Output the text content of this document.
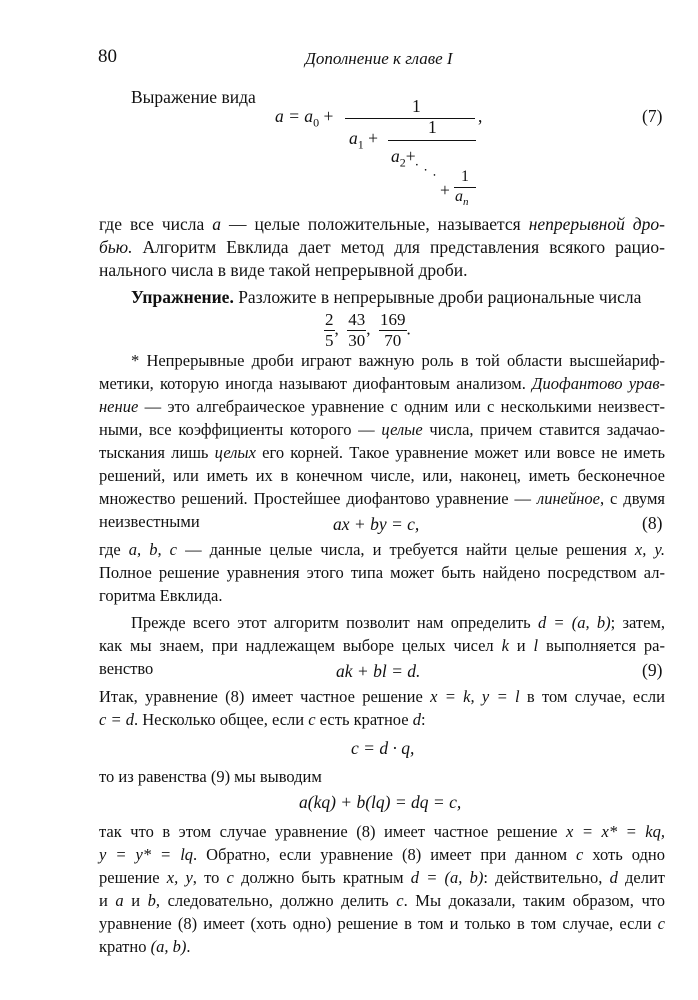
80	Дополнение к главе I
Выражение вида
$a = a_0$ +	1	,
$a_1$ +
1
$a_2+$
· · ·
+
1
$a_n$
(7)
где все числа a — целые положительные, называется непрерывной дро-
бью. Алгоритм Евклида дает метод для представления всякого рацио-
нального числа в виде такой непрерывной дроби.
Упражнение. Разложите в непрерывные дроби рациональные числа
$\frac{2}{5}$ , $\frac{43}{30}$ , $\frac{169}{70}$ .
* Непрерывные дроби играют важную роль в той области высшейариф-
метики, которую иногда называют диофантовым анализом. Диофантово урав-
нение — это алгебраическое уравнение с одним или с несколькими неизвест-
ными, все коэффициенты которого — целые числа, причем ставится задачаo-
тыскания лишь целых его корней. Такое уравнение может или вовсе не иметь
решений, или иметь их в конечном числе, или, наконец, иметь бесконечное
множество решений. Простейшее диофантово уравнение — линейное, с двумя
неизвестными	ax + by = c,	(8)
где a, b, c — данные целые числа, и требуется найти целые решения x, y.
Полное решение уравнения этого типа может быть найдено посредством ал-
горитма Евклида.
Прежде всего этот алгоритм позволит нам определить d = (a, b); затем,
как мы знаем, при надлежащем выборе целых чисел k и l выполняется ра-
венство	ak + bl = d.	(9)
Итак, уравнение (8) имеет частное решение x = k, y = l в том случае, если
c = d. Несколько общее, если c есть кратное d:
c = d · q,
то из равенства (9) мы выводим
a(kq) + b(lq) = dq = c,
так что в этом случае уравнение (8) имеет частное решение x = x* = kq,
y = y* = lq. Обратно, если уравнение (8) имеет при данном c хоть одно
решение x, y, то c должно быть кратным d = (a, b): действительно, d делит
и a и b, следовательно, должно делить c. Мы доказали, таким образом, что
уравнение (8) имеет (хоть одно) решение в том и только в том случае, если c
кратно (a, b).
